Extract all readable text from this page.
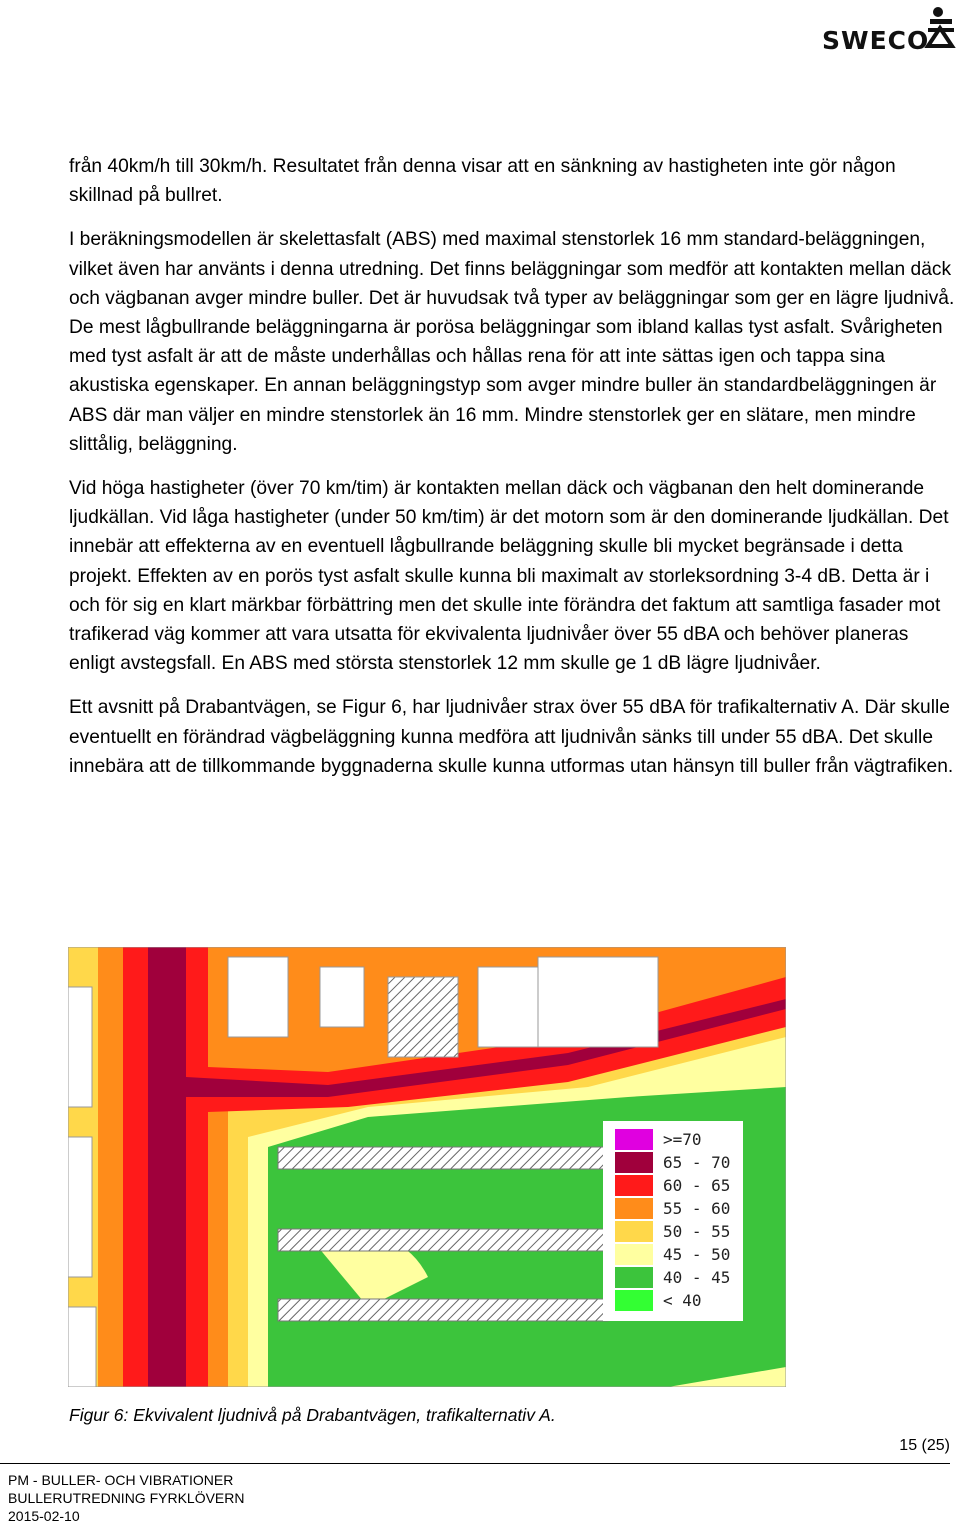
SWECO

från 40km/h till 30km/h. Resultatet från denna visar att en sänkning av hastigheten inte gör någon skillnad på bullret.

I beräkningsmodellen är skelettasfalt (ABS) med maximal stenstorlek 16 mm standard-beläggningen, vilket även har använts i denna utredning. Det finns beläggningar som medför att kontakten mellan däck och vägbanan avger mindre buller. Det är huvudsak två typer av beläggningar som ger en lägre ljudnivå. De mest lågbullrande beläggningarna är porösa beläggningar som ibland kallas tyst asfalt. Svårigheten med tyst asfalt är att de måste underhållas och hållas rena för att inte sättas igen och tappa sina akustiska egenskaper. En annan beläggningstyp som avger mindre buller än standardbeläggningen är ABS där man väljer en mindre stenstorlek än 16 mm. Mindre stenstorlek ger en slätare, men mindre slittålig, beläggning.

Vid höga hastigheter (över 70 km/tim) är kontakten mellan däck och vägbanan den helt dominerande ljudkällan. Vid låga hastigheter (under 50 km/tim) är det motorn som är den dominerande ljudkällan. Det innebär att effekterna av en eventuell lågbullrande beläggning skulle bli mycket begränsade i detta projekt. Effekten av en porös tyst asfalt skulle kunna bli maximalt av storleksordning 3-4 dB. Detta är i och för sig en klart märkbar förbättring men det skulle inte förändra det faktum att samtliga fasader mot trafikerad väg kommer att vara utsatta för ekvivalenta ljudnivåer över 55 dBA och behöver planeras enligt avstegsfall. En ABS med största stenstorlek 12 mm skulle ge 1 dB lägre ljudnivåer.

Ett avsnitt på Drabantvägen, se Figur 6, har ljudnivåer strax över 55 dBA för trafikalternativ A. Där skulle eventuellt en förändrad vägbeläggning kunna medföra att ljudnivån sänks till under 55 dBA. Det skulle innebära att de tillkommande byggnaderna skulle kunna utformas utan hänsyn till buller från vägtrafiken.

>=70
65 - 70
60 - 65
55 - 60
50 - 55
45 - 50
40 - 45
< 40
Figur 6: Ekvivalent ljudnivå på Drabantvägen, trafikalternativ A.
15 (25)
PM - BULLER- OCH VIBRATIONER
BULLERUTREDNING FYRKLÖVERN
2015-02-10
